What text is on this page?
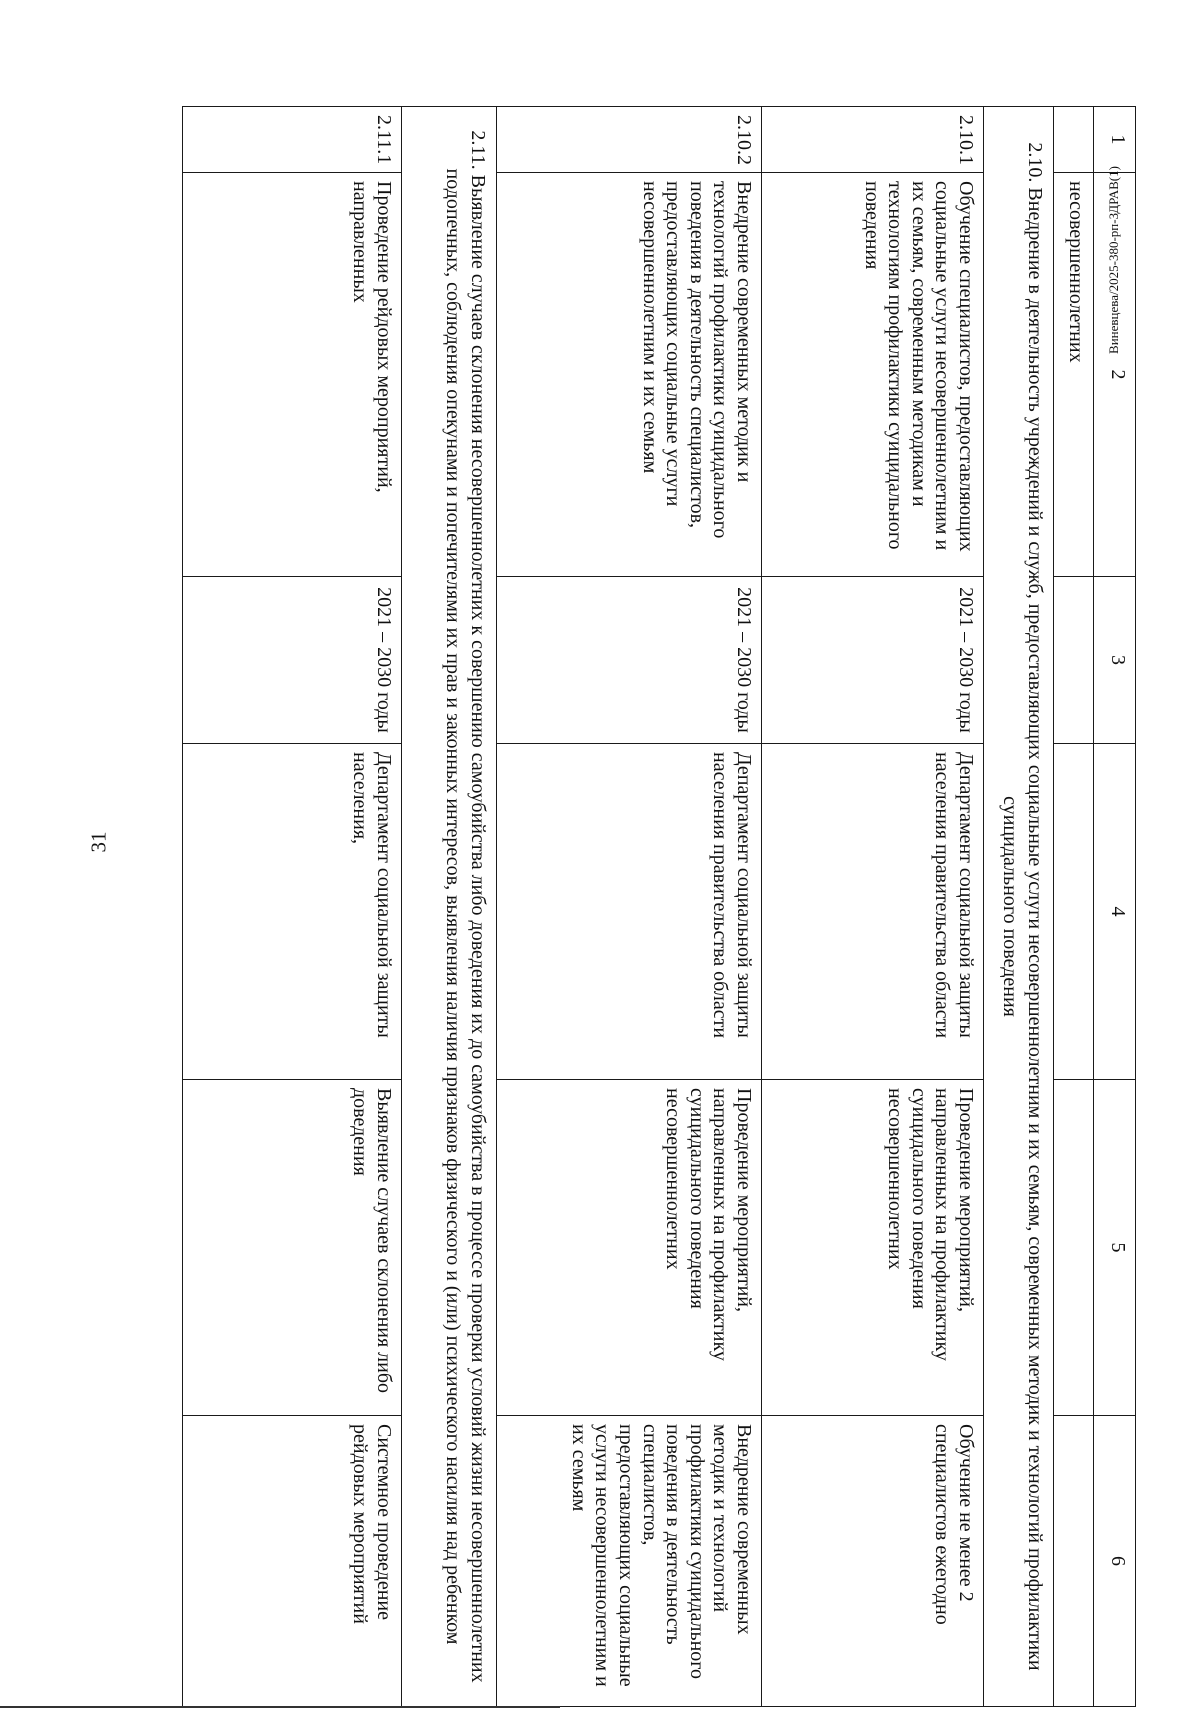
31
1	2	3	4	5	6
	несовершеннолетних				
2.10. Внедрение в деятельность учреждений и служб, предоставляющих социальные услуги несовершеннолетним и их семьям, современных методик и технологий профилактики суицидального поведения					
2.10.1	Обучение специалистов, предоставляющих социальные услуги несовершеннолетним и их семьям, современным методикам и технологиям профилактики суицидального поведения	2021 – 2030 годы	Департамент социальной защиты населения правительства области	Проведение мероприятий, направленных на профилактику суицидального поведения несовершеннолетних	Обучение не менее 2 специалистов ежегодно
2.10.2	Внедрение современных методик и технологий профилактики суицидального поведения в деятельность специалистов, предоставляющих социальные услуги несовершеннолетним и их семьям	2021 – 2030 годы	Департамент социальной защиты населения правительства области	Проведение мероприятий, направленных на профилактику суицидального поведения несовершеннолетних	Внедрение современных методик и технологий профилактики суицидального поведения в деятельность специалистов, предоставляющих социальные услуги несовершеннолетним и их семьям
2.11. Выявление случаев склонения несовершеннолетних к совершению самоубийства либо доведения их до самоубийства в процессе проверки условий жизни несовершеннолетних подопечных, соблюдения опекунами и попечителями их прав и законных интересов, выявления наличия признаков физического и (или) психического насилия над ребенком					
2.11.1	Проведение рейдовых мероприятий, направленных	2021 – 2030 годы	Департамент социальной защиты населения,	Выявление случаев склонения либо доведения	Системное проведение рейдовых мероприятий
Виневцева/2025-380-рп-ЗДРАВ(1)
